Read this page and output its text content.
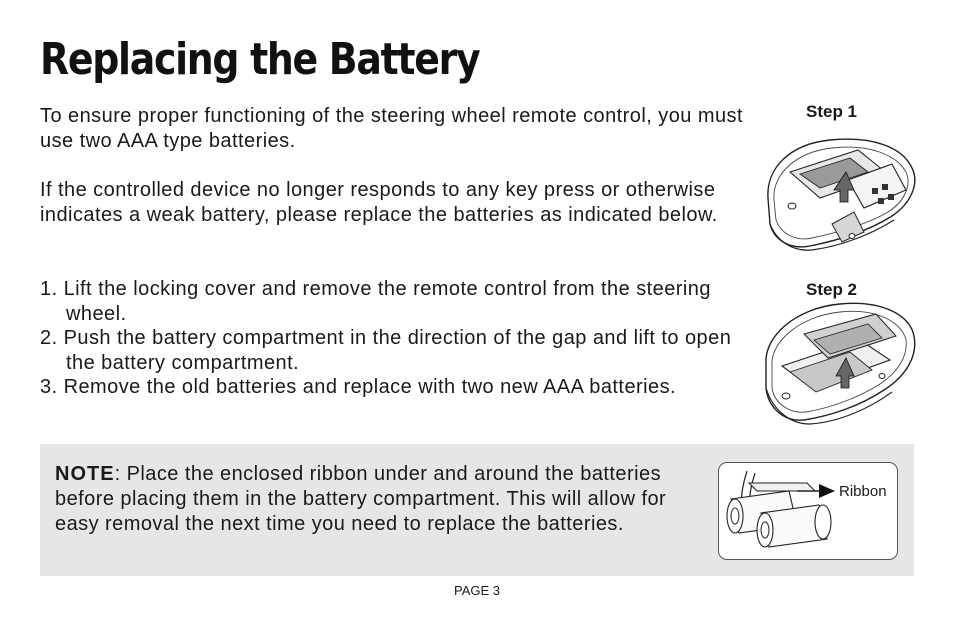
Replacing the Battery

To ensure proper functioning of the steering wheel remote control, you must use two AAA type batteries.

If the controlled device no longer responds to any key press or otherwise indicates a weak battery, please replace the batteries as indicated below.

1. Lift the locking cover and remove the remote control from the steering wheel.
2. Push the battery compartment in the direction of the gap and lift to open the battery compartment.
3. Remove the old batteries and replace with two new AAA batteries.
Step 1
Step 2

NOTE: Place the enclosed ribbon under and around the batteries before placing them in the battery compartment. This will allow for easy removal the next time you need to replace the batteries.

Ribbon
PAGE 3
